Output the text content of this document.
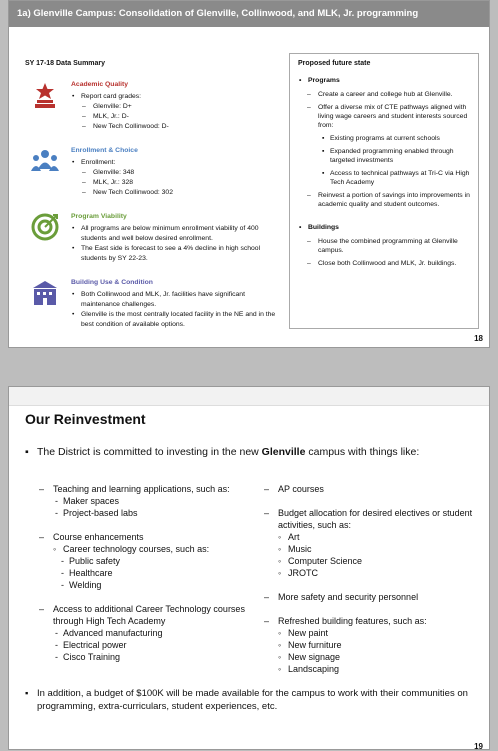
1a) Glenville Campus: Consolidation of Glenville, Collinwood, and MLK, Jr. programming
SY 17-18 Data Summary
Academic Quality
• Report card grades:
– Glenville: D+
– MLK, Jr.: D-
– New Tech Collinwood: D-
Enrollment & Choice
• Enrollment:
– Glenville: 348
– MLK, Jr.: 328
– New Tech Collinwood: 302
Program Viability
• All programs are below minimum enrollment viability of 400 students and well below desired enrollment.
• The East side is forecast to see a 4% decline in high school students by SY 22-23.
Building Use & Condition
• Both Collinwood and MLK, Jr. facilities have significant maintenance challenges.
• Glenville is the most centrally located facility in the NE and in the best condition of available options.
Proposed future state
• Programs
– Create a career and college hub at Glenville.
– Offer a diverse mix of CTE pathways aligned with living wage careers and student interests sourced from:
▪ Existing programs at current schools
▪ Expanded programming enabled through targeted investments
▪ Access to technical pathways at Tri-C via High Tech Academy
– Reinvest a portion of savings into improvements in academic quality and student outcomes.
• Buildings
– House the combined programming at Glenville campus.
– Close both Collinwood and MLK, Jr. buildings.
18
Our Reinvestment
▪ The District is committed to investing in the new Glenville campus with things like:
– Teaching and learning applications, such as:
- Maker spaces
- Project-based labs
– Course enhancements
◦ Career technology courses, such as:
- Public safety
- Healthcare
- Welding
– Access to additional Career Technology courses through High Tech Academy
- Advanced manufacturing
- Electrical power
- Cisco Training
– AP courses
– Budget allocation for desired electives or student activities, such as:
◦ Art
◦ Music
◦ Computer Science
◦ JROTC
– More safety and security personnel
– Refreshed building features, such as:
◦ New paint
◦ New furniture
◦ New signage
◦ Landscaping
▪ In addition, a budget of $100K will be made available for the campus to work with their communities on programming, extra-curriculars, student experiences, etc.
19
